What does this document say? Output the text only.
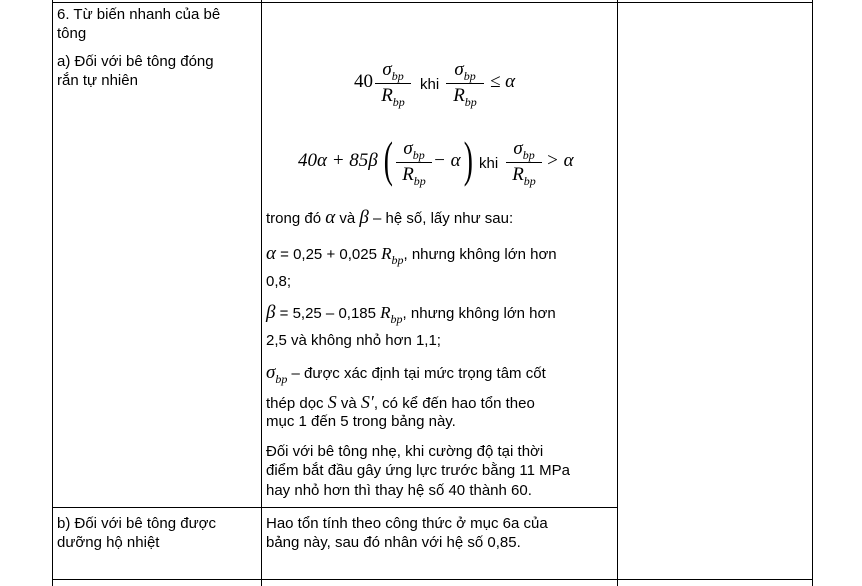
6. Từ biến nhanh của bê
tông
a) Đối với bê tông đóng
rắn tự nhiên
b) Đối với bê tông được
dưỡng hộ nhiệt
40
$\sigma_{bp}$
$R_{bp}$
khi
$\sigma_{bp}$
$R_{bp}$
≤ α
40α + 85β ( $\sigma_{bp}$
$R_{bp}$
− α ) khi
$\sigma_{bp}$
$R_{bp}$
> α
trong đó α và β – hệ số, lấy như sau:
α = 0,25 + 0,025 $R_{bp}$, nhưng không lớn hơn
0,8;
β = 5,25 – 0,185 $R_{bp}$, nhưng không lớn hơn
2,5 và không nhỏ hơn 1,1;
$\sigma_{bp}$ – được xác định tại mức trọng tâm cốt
thép dọc S và S′, có kể đến hao tổn theo
mục 1 đến 5 trong bảng này.
Đối với bê tông nhẹ, khi cường độ tại thời
điểm bắt đầu gây ứng lực trước bằng 11 MPa
hay nhỏ hơn thì thay hệ số 40 thành 60.
Hao tổn tính theo công thức ở mục 6a của
bảng này, sau đó nhân với hệ số 0,85.
